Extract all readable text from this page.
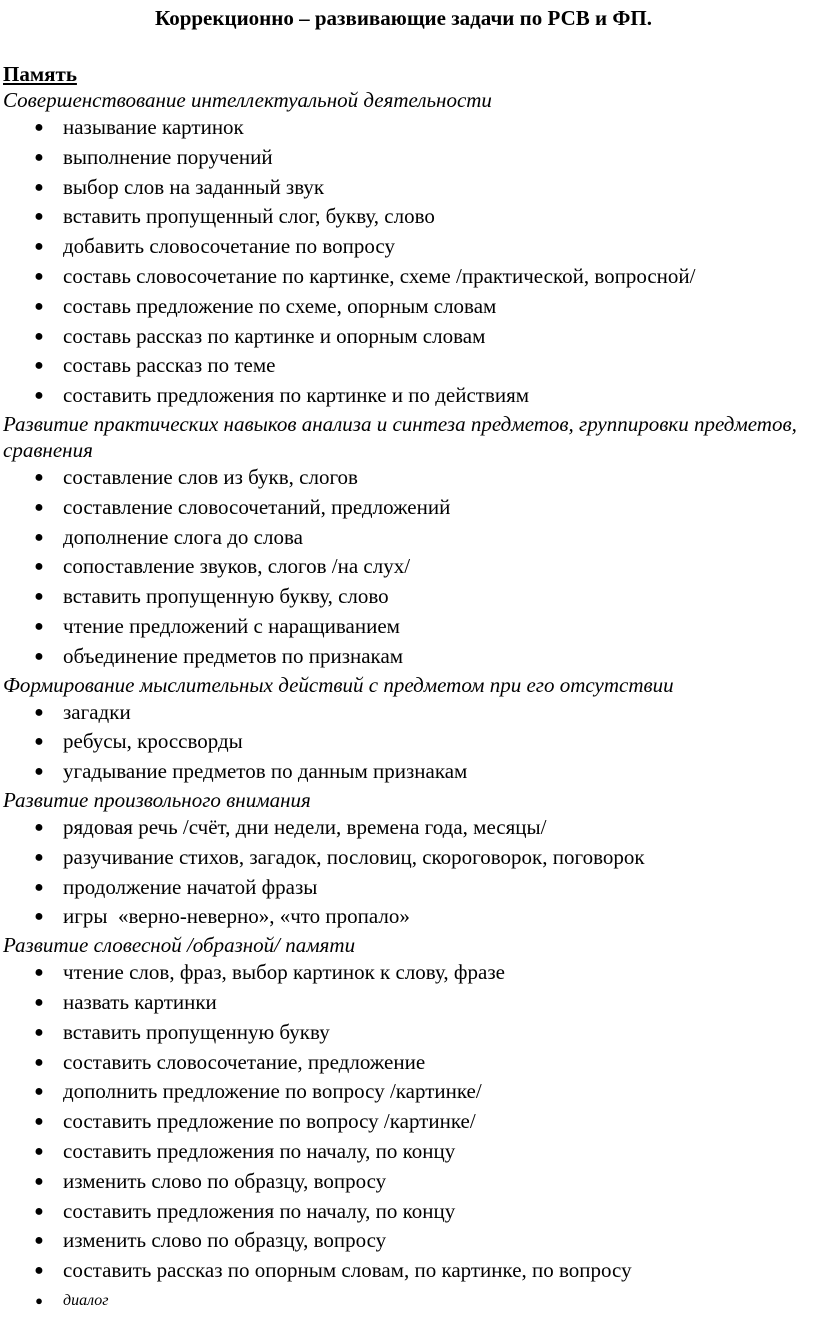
Коррекционно – развивающие задачи по РСВ и ФП.
Память
Совершенствование интеллектуальной деятельности
●
называние картинок
●
выполнение поручений
●
выбор слов на заданный звук
●
вставить пропущенный слог, букву, слово
●
добавить словосочетание по вопросу
●
составь словосочетание по картинке, схеме /практической, вопросной/
●
составь предложение по схеме, опорным словам
●
составь рассказ по картинке и опорным словам
●
составь рассказ по теме
●
составить предложения по картинке и по действиям
Развитие практических навыков анализа и синтеза предметов, группировки предметов, сравнения
●
составление слов из букв, слогов
●
составление словосочетаний, предложений
●
дополнение слога до слова
●
сопоставление звуков, слогов /на слух/
●
вставить пропущенную букву, слово
●
чтение предложений с наращиванием
●
объединение предметов по признакам
Формирование мыслительных действий с предметом при его отсутствии
●
загадки
●
ребусы, кроссворды
●
угадывание предметов по данным признакам
Развитие произвольного внимания
●
рядовая речь /счёт, дни недели, времена года, месяцы/
●
разучивание стихов, загадок, пословиц, скороговорок, поговорок
●
продолжение начатой фразы
●
игры  «верно-неверно», «что пропало»
Развитие словесной /образной/ памяти
●
чтение слов, фраз, выбор картинок к слову, фразе
●
назвать картинки
●
вставить пропущенную букву
●
составить словосочетание, предложение
●
дополнить предложение по вопросу /картинке/
●
составить предложение по вопросу /картинке/
●
составить предложения по началу, по концу
●
изменить слово по образцу, вопросу
●
составить предложения по началу, по концу
●
изменить слово по образцу, вопросу
●
составить рассказ по опорным словам, по картинке, по вопросу
●
диалог
